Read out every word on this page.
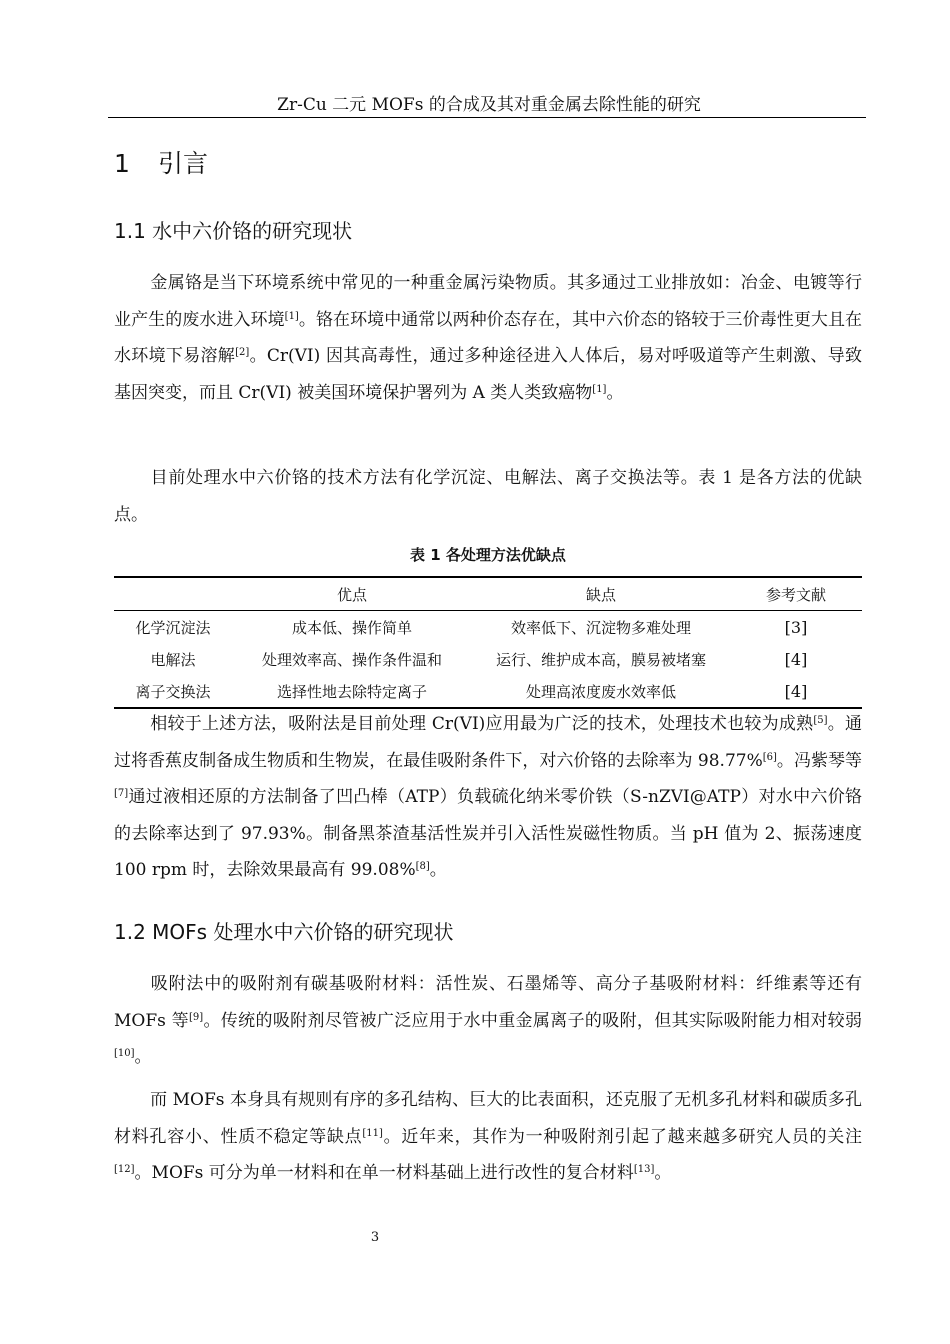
Zr-Cu 二元 MOFs 的合成及其对重金属去除性能的研究
1 引言
1.1 水中六价铬的研究现状

金属铬是当下环境系统中常见的一种重金属污染物质。其多通过工业排放如：冶金、电镀等行业产生的废水进入环境[1]。铬在环境中通常以两种价态存在，其中六价态的铬较于三价毒性更大且在水环境下易溶解[2]。Cr(VI) 因其高毒性，通过多种途径进入人体后，易对呼吸道等产生刺激、导致基因突变，而且 Cr(VI) 被美国环境保护署列为 A 类人类致癌物[1]。

目前处理水中六价铬的技术方法有化学沉淀、电解法、离子交换法等。表 1 是各方法的优缺点。

表 1 各处理方法优缺点
	优点	缺点	参考文献
化学沉淀法	成本低、操作简单	效率低下、沉淀物多难处理	[3]
电解法	处理效率高、操作条件温和	运行、维护成本高，膜易被堵塞	[4]
离子交换法	选择性地去除特定离子	处理高浓度废水效率低	[4]

相较于上述方法，吸附法是目前处理 Cr(VI)应用最为广泛的技术，处理技术也较为成熟[5]。通过将香蕉皮制备成生物质和生物炭，在最佳吸附条件下，对六价铬的去除率为 98.77%[6]。冯紫琴等[7]通过液相还原的方法制备了凹凸棒（ATP）负载硫化纳米零价铁（S-nZVI@ATP）对水中六价铬的去除率达到了 97.93%。制备黑茶渣基活性炭并引入活性炭磁性物质。当 pH 值为 2、振荡速度 100 rpm 时，去除效果最高有 99.08%[8]。

1.2 MOFs 处理水中六价铬的研究现状

吸附法中的吸附剂有碳基吸附材料：活性炭、石墨烯等、高分子基吸附材料：纤维素等还有 MOFs 等[9]。传统的吸附剂尽管被广泛应用于水中重金属离子的吸附，但其实际吸附能力相对较弱[10]。

而 MOFs 本身具有规则有序的多孔结构、巨大的比表面积，还克服了无机多孔材料和碳质多孔材料孔容小、性质不稳定等缺点[11]。近年来，其作为一种吸附剂引起了越来越多研究人员的关注[12]。MOFs 可分为单一材料和在单一材料基础上进行改性的复合材料[13]。

3
